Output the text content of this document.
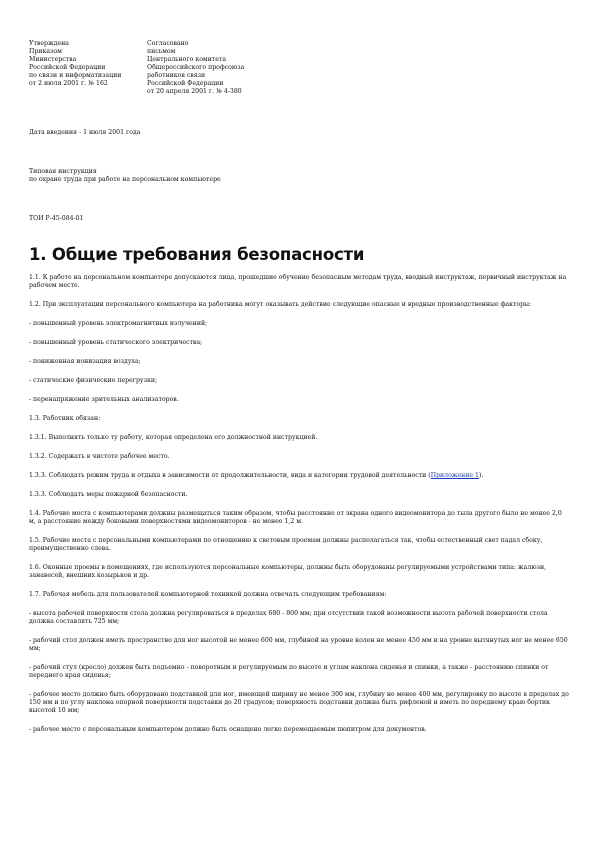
Утверждена
Приказом
Министерства
Российской Федерации
по связи и информатизации
от 2 июля 2001 г. № 162
Согласовано
письмом
Центрального комитета
Общероссийского профсоюза
работников связи
Российской Федерации
от 20 апреля 2001 г. № 4-380
Дата введения - 1 июля 2001 года
Типовая инструкция
по охране труда при работе на персональном компьютере
ТОИ Р-45-084-01
1. Общие требования безопасности

1.1. К работе на персональном компьютере допускаются лица, прошедшие обучение безопасным методам труда, вводный инструктаж, первичный инструктаж на рабочем месте.

1.2. При эксплуатации персонального компьютера на работника могут оказывать действие следующие опасные и вредные производственные факторы:

- повышенный уровень электромагнитных излучений;

- повышенный уровень статического электричества;

- пониженная ионизация воздуха;

- статические физические перегрузки;

- перенапряжение зрительных анализаторов.

1.3. Работник обязан:

1.3.1. Выполнять только ту работу, которая определена его должностной инструкцией.

1.3.2. Содержать в чистоте рабочее место.

1.3.3. Соблюдать режим труда и отдыха в зависимости от продолжительности, вида и категории трудовой деятельности (Приложение 1).

1.3.3. Соблюдать меры пожарной безопасности.

1.4. Рабочие места с компьютерами должны размещаться таким образом, чтобы расстояние от экрана одного видеомонитора до тыла другого было не менее 2,0 м, а расстояние между боковыми поверхностями видеомониторов - не менее 1,2 м.

1.5. Рабочие места с персональными компьютерами по отношению к световым проемам должны располагаться так, чтобы естественный свет падал сбоку, преимущественно слева.

1.6. Оконные проемы в помещениях, где используются персональные компьютеры, должны быть оборудованы регулируемыми устройствами типа: жалюзи, занавесей, внешних козырьков и др.

1.7. Рабочая мебель для пользователей компьютерной техникой должна отвечать следующим требованиям:

- высота рабочей поверхности стола должна регулироваться в пределах 680 - 800 мм; при отсутствии такой возможности высота рабочей поверхности стола должна составлять 725 мм;

- рабочий стол должен иметь пространство для ног высотой не менее 600 мм, глубиной на уровне колен не менее 450 мм и на уровне вытянутых ног не менее 650 мм;

- рабочий стул (кресло) должен быть подъемно - поворотным и регулируемым по высоте и углам наклона сиденья и спинки, а также - расстоянию спинки от переднего края сиденья;

- рабочее место должно быть оборудовано подставкой для ног, имеющей ширину не менее 300 мм, глубину не менее 400 мм, регулировку по высоте в пределах до 150 мм и по углу наклона опорной поверхности подставки до 20 градусов; поверхность подставки должна быть рифленой и иметь по переднему краю бортик высотой 10 мм;

- рабочее место с персональным компьютером должно быть оснащено легко перемещаемым пюпитром для документов.
